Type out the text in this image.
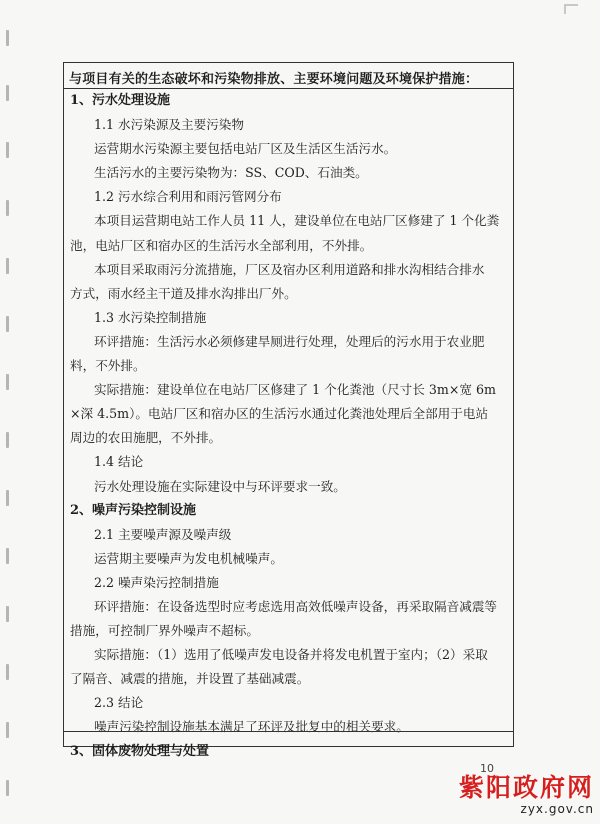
与项目有关的生态破坏和污染物排放、主要环境问题及环境保护措施：
1、污水处理设施
1.1 水污染源及主要污染物
运营期水污染源主要包括电站厂区及生活区生活污水。
生活污水的主要污染物为：SS、COD、石油类。
1.2 污水综合利用和雨污管网分布
本项目运营期电站工作人员 11 人，建设单位在电站厂区修建了 1 个化粪
池，电站厂区和宿办区的生活污水全部利用，不外排。
本项目采取雨污分流措施，厂区及宿办区利用道路和排水沟相结合排水
方式，雨水经主干道及排水沟排出厂外。
1.3 水污染控制措施
环评措施：生活污水必须修建旱厕进行处理，处理后的污水用于农业肥
料，不外排。
实际措施：建设单位在电站厂区修建了 1 个化粪池（尺寸长 3m×宽 6m
×深 4.5m）。电站厂区和宿办区的生活污水通过化粪池处理后全部用于电站
周边的农田施肥，不外排。
1.4 结论
污水处理设施在实际建设中与环评要求一致。
2、噪声污染控制设施
2.1 主要噪声源及噪声级
运营期主要噪声为发电机械噪声。
2.2 噪声染污控制措施
环评措施：在设备选型时应考虑选用高效低噪声设备，再采取隔音减震等
措施，可控制厂界外噪声不超标。
实际措施：（1）选用了低噪声发电设备并将发电机置于室内；（2）采取
了隔音、减震的措施，并设置了基础减震。
2.3 结论
噪声污染控制设施基本满足了环评及批复中的相关要求。
3、固体废物处理与处置
10
紫阳政府网
zyx.gov.cn
